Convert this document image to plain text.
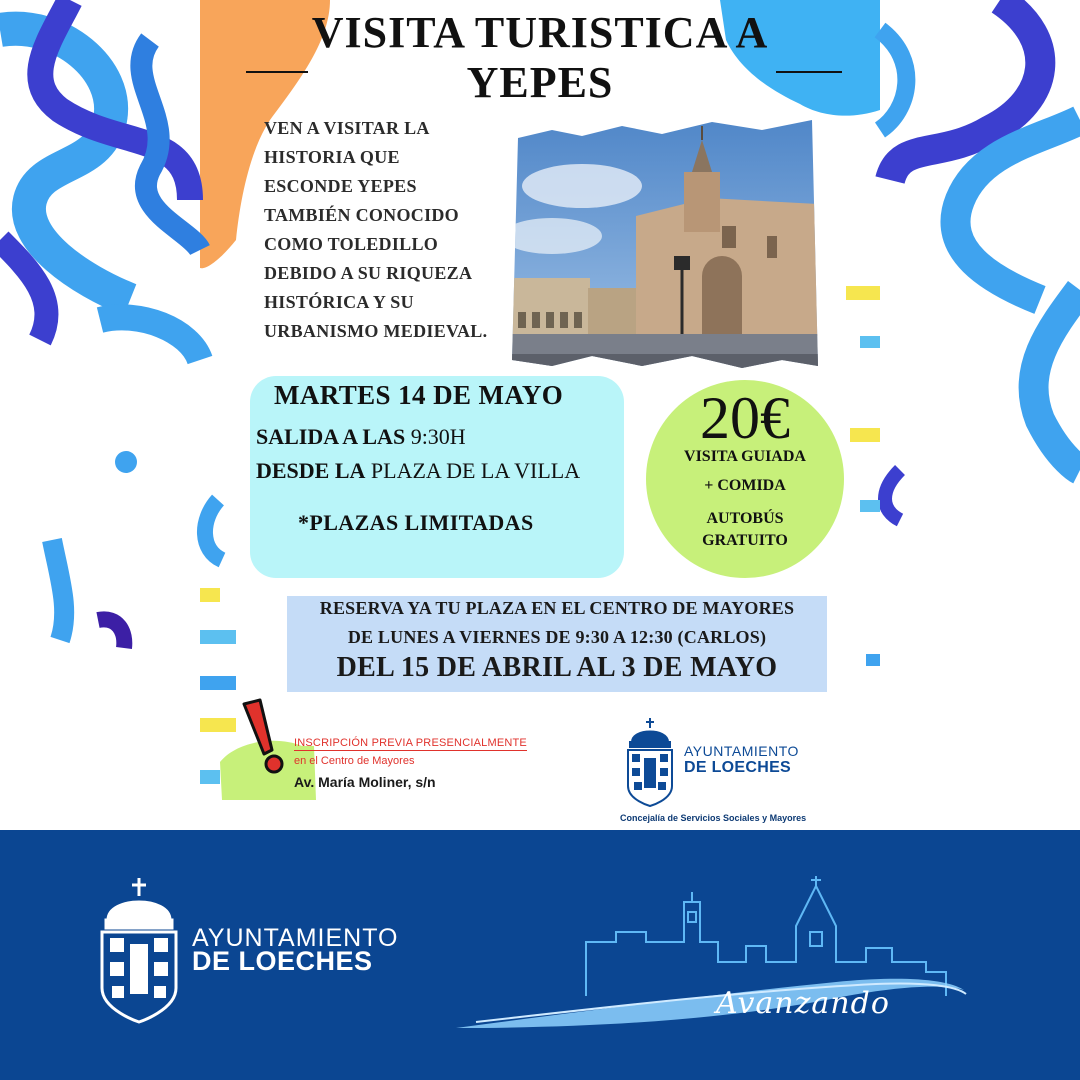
VISITA TURISTICA A
YEPES
VEN A VISITAR LA
HISTORIA QUE
ESCONDE YEPES
TAMBIÉN CONOCIDO
COMO TOLEDILLO
DEBIDO A SU RIQUEZA
HISTÓRICA Y SU
URBANISMO MEDIEVAL.
MARTES 14 DE MAYO
SALIDA A LAS 9:30H
DESDE LA PLAZA DE LA VILLA
*PLAZAS LIMITADAS
20€
VISITA GUIADA
+ COMIDA
AUTOBÚS
GRATUITO
RESERVA YA TU PLAZA EN EL CENTRO DE MAYORES
DE LUNES A VIERNES DE 9:30 A 12:30 (CARLOS)
DEL 15 DE ABRIL AL 3 DE MAYO
INSCRIPCIÓN PREVIA PRESENCIALMENTE
en el Centro de Mayores
Av. María Moliner, s/n
AYUNTAMIENTO
DE LOECHES
Concejalía de Servicios Sociales y Mayores
AYUNTAMIENTO
DE LOECHES
Avanzando
